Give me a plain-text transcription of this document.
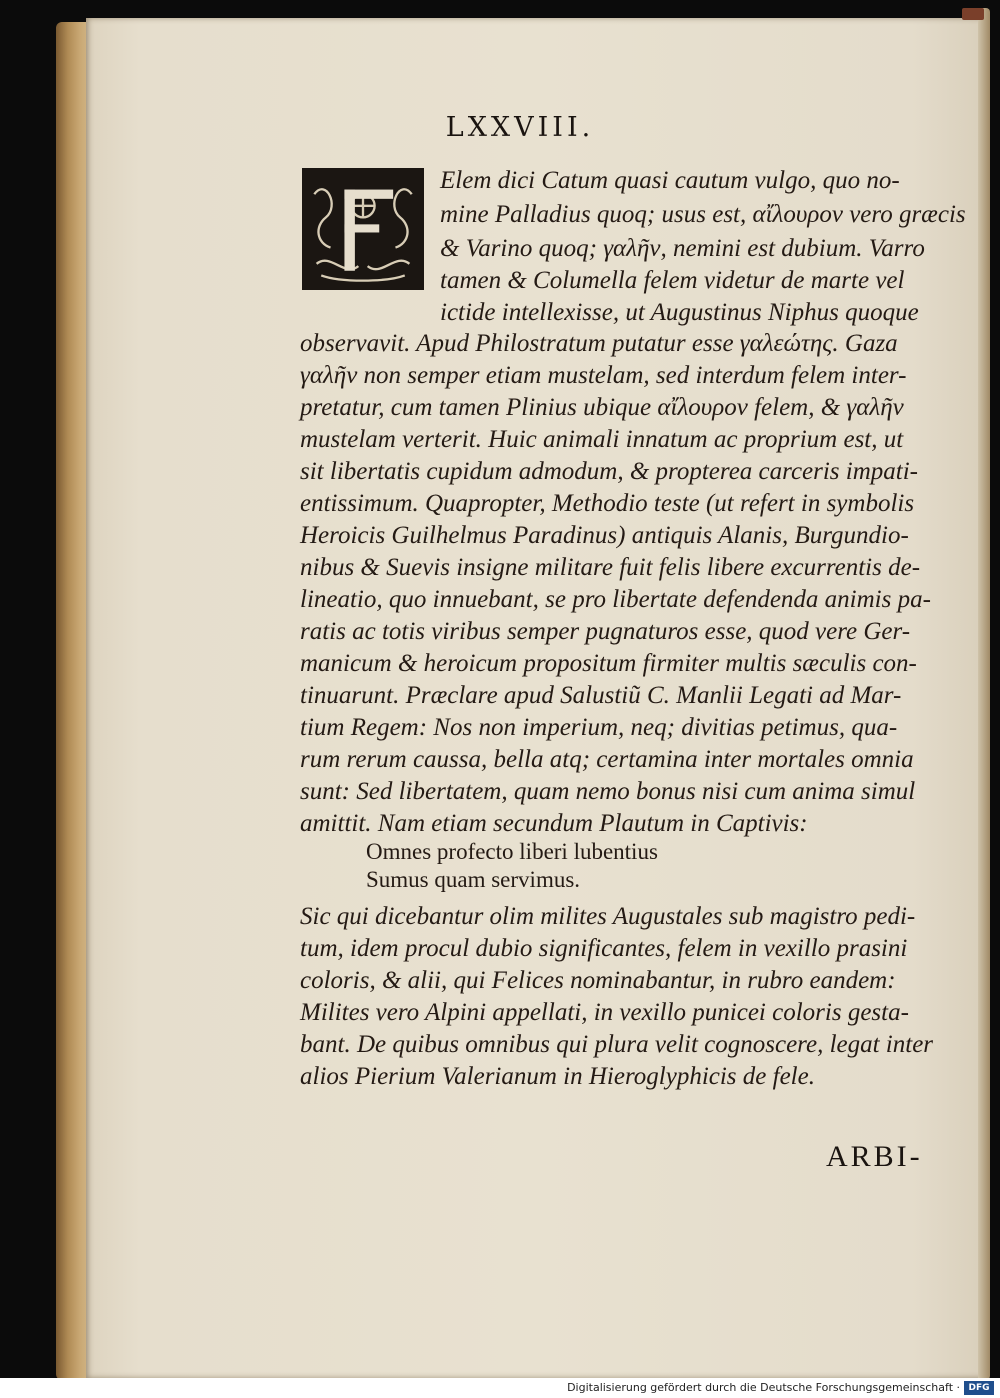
LXXVIII.
F
Elem dici Catum quasi cautum vulgo, quo no-
mine Palladius quoq; usus est, αἴλουρον vero græcis
& Varino quoq; γαλῆν, nemini est dubium. Varro
tamen & Columella felem videtur de marte vel
ictide intellexisse, ut Augustinus Niphus quoque
observavit. Apud Philostratum putatur esse γαλεώτης. Gaza
γαλῆν non semper etiam mustelam, sed interdum felem inter-
pretatur, cum tamen Plinius ubique αἴλουρον felem, & γαλῆν
mustelam verterit. Huic animali innatum ac proprium est, ut
sit libertatis cupidum admodum, & propterea carceris impati-
entissimum. Quapropter, Methodio teste (ut refert in symbolis
Heroicis Guilhelmus Paradinus) antiquis Alanis, Burgundio-
nibus & Suevis insigne militare fuit felis libere excurrentis de-
lineatio, quo innuebant, se pro libertate defendenda animis pa-
ratis ac totis viribus semper pugnaturos esse, quod vere Ger-
manicum & heroicum propositum firmiter multis sæculis con-
tinuarunt. Præclare apud Salustiũ C. Manlii Legati ad Mar-
tium Regem: Nos non imperium, neq; divitias petimus, qua-
rum rerum caussa, bella atq; certamina inter mortales omnia
sunt: Sed libertatem, quam nemo bonus nisi cum anima simul
amittit. Nam etiam secundum Plautum in Captivis:
Omnes profecto liberi lubentius
Sumus quam servimus.
Sic qui dicebantur olim milites Augustales sub magistro pedi-
tum, idem procul dubio significantes, felem in vexillo prasini
coloris, & alii, qui Felices nominabantur, in rubro eandem:
Milites vero Alpini appellati, in vexillo punicei coloris gesta-
bant. De quibus omnibus qui plura velit cognoscere, legat inter
alios Pierium Valerianum in Hieroglyphicis de fele.
ARBI-
Digitalisierung gefördert durch die Deutsche Forschungsgemeinschaft · DFG
